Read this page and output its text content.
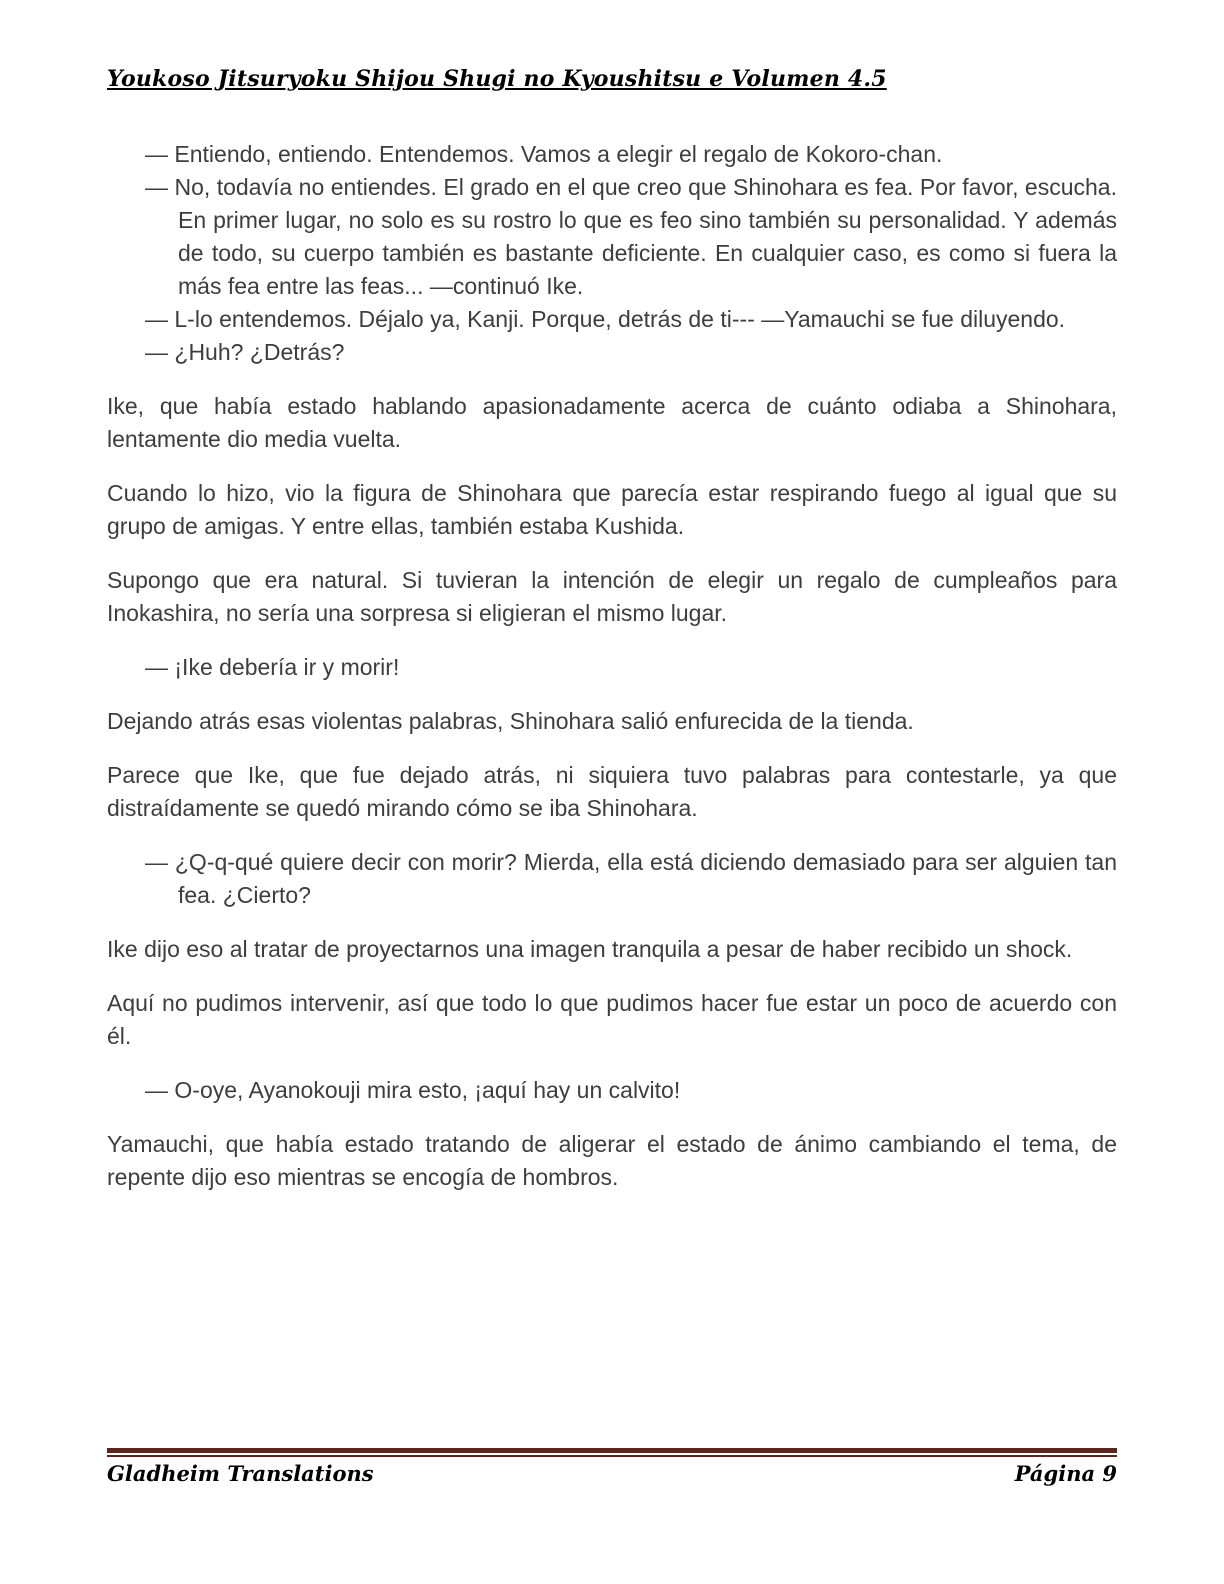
Youkoso Jitsuryoku Shijou Shugi no Kyoushitsu e Volumen 4.5

— Entiendo, entiendo. Entendemos. Vamos a elegir el regalo de Kokoro-chan.

— No, todavía no entiendes. El grado en el que creo que Shinohara es fea. Por favor, escucha. En primer lugar, no solo es su rostro lo que es feo sino también su personalidad. Y además de todo, su cuerpo también es bastante deficiente. En cualquier caso, es como si fuera la más fea entre las feas... —continuó Ike.

— L-lo entendemos. Déjalo ya, Kanji. Porque, detrás de ti--- —Yamauchi se fue diluyendo.

— ¿Huh? ¿Detrás?

Ike, que había estado hablando apasionadamente acerca de cuánto odiaba a Shinohara, lentamente dio media vuelta.

Cuando lo hizo, vio la figura de Shinohara que parecía estar respirando fuego al igual que su grupo de amigas. Y entre ellas, también estaba Kushida.

Supongo que era natural. Si tuvieran la intención de elegir un regalo de cumpleaños para Inokashira, no sería una sorpresa si eligieran el mismo lugar.

— ¡Ike debería ir y morir!

Dejando atrás esas violentas palabras, Shinohara salió enfurecida de la tienda.

Parece que Ike, que fue dejado atrás, ni siquiera tuvo palabras para contestarle, ya que distraídamente se quedó mirando cómo se iba Shinohara.

— ¿Q-q-qué quiere decir con morir? Mierda, ella está diciendo demasiado para ser alguien tan fea. ¿Cierto?

Ike dijo eso al tratar de proyectarnos una imagen tranquila a pesar de haber recibido un shock.

Aquí no pudimos intervenir, así que todo lo que pudimos hacer fue estar un poco de acuerdo con él.

— O-oye, Ayanokouji mira esto, ¡aquí hay un calvito!

Yamauchi, que había estado tratando de aligerar el estado de ánimo cambiando el tema, de repente dijo eso mientras se encogía de hombros.

Gladheim Translations	Página 9
